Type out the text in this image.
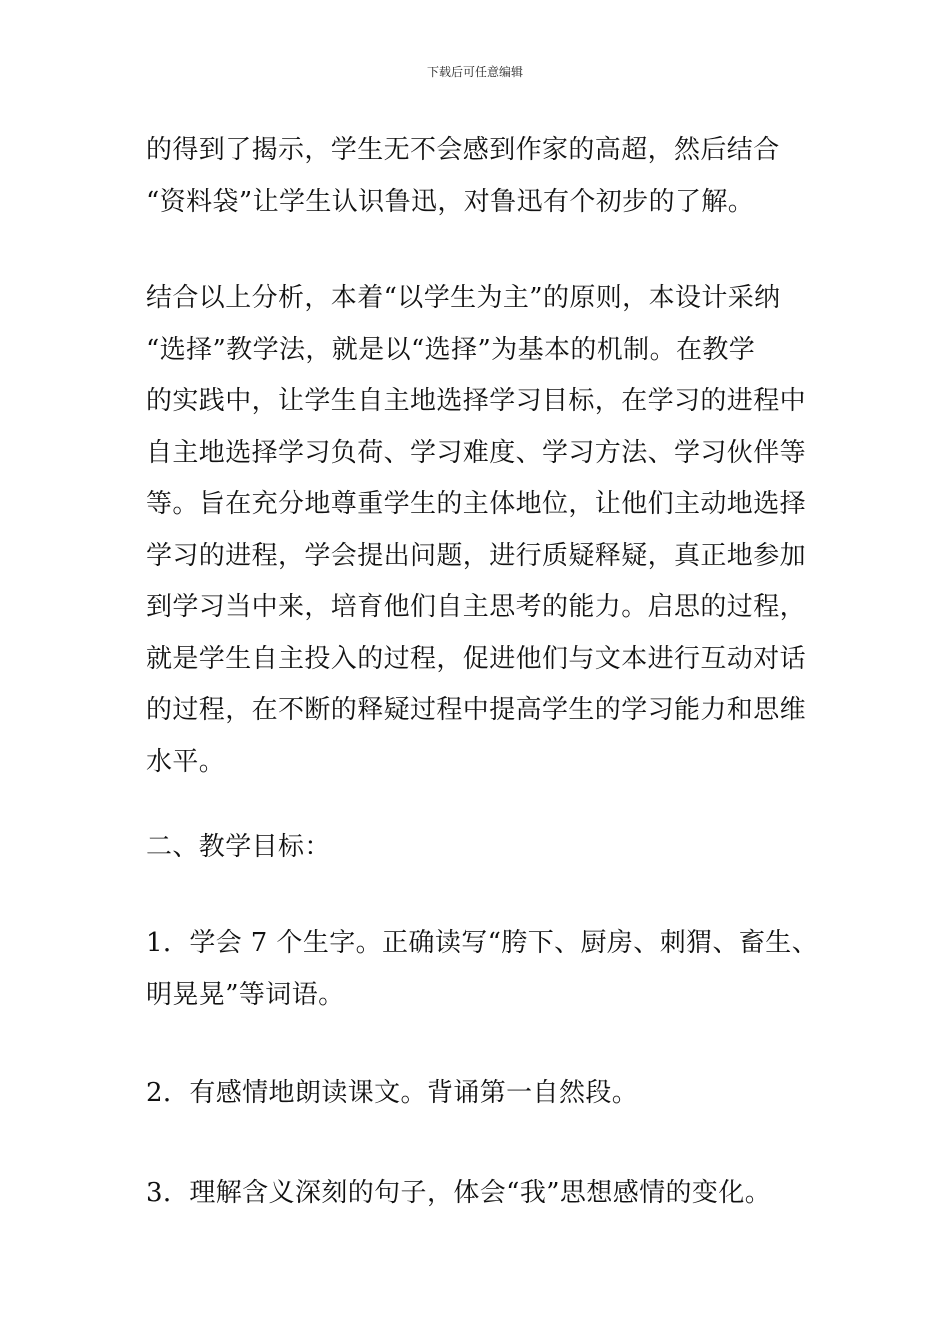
下载后可任意编辑
的得到了揭示，学生无不会感到作家的高超，然后结合
“资料袋”让学生认识鲁迅，对鲁迅有个初步的了解。
结合以上分析，本着“以学生为主”的原则，本设计采纳
“选择”教学法，就是以“选择”为基本的机制。在教学
的实践中，让学生自主地选择学习目标，在学习的进程中
自主地选择学习负荷、学习难度、学习方法、学习伙伴等
等。旨在充分地尊重学生的主体地位，让他们主动地选择
学习的进程，学会提出问题，进行质疑释疑，真正地参加
到学习当中来，培育他们自主思考的能力。启思的过程，
就是学生自主投入的过程，促进他们与文本进行互动对话
的过程，在不断的释疑过程中提高学生的学习能力和思维
水平。
二、教学目标：
1．学会 7 个生字。正确读写“胯下、厨房、刺猬、畜生、
明晃晃”等词语。
2．有感情地朗读课文。背诵第一自然段。
3．理解含义深刻的句子，体会“我”思想感情的变化。
